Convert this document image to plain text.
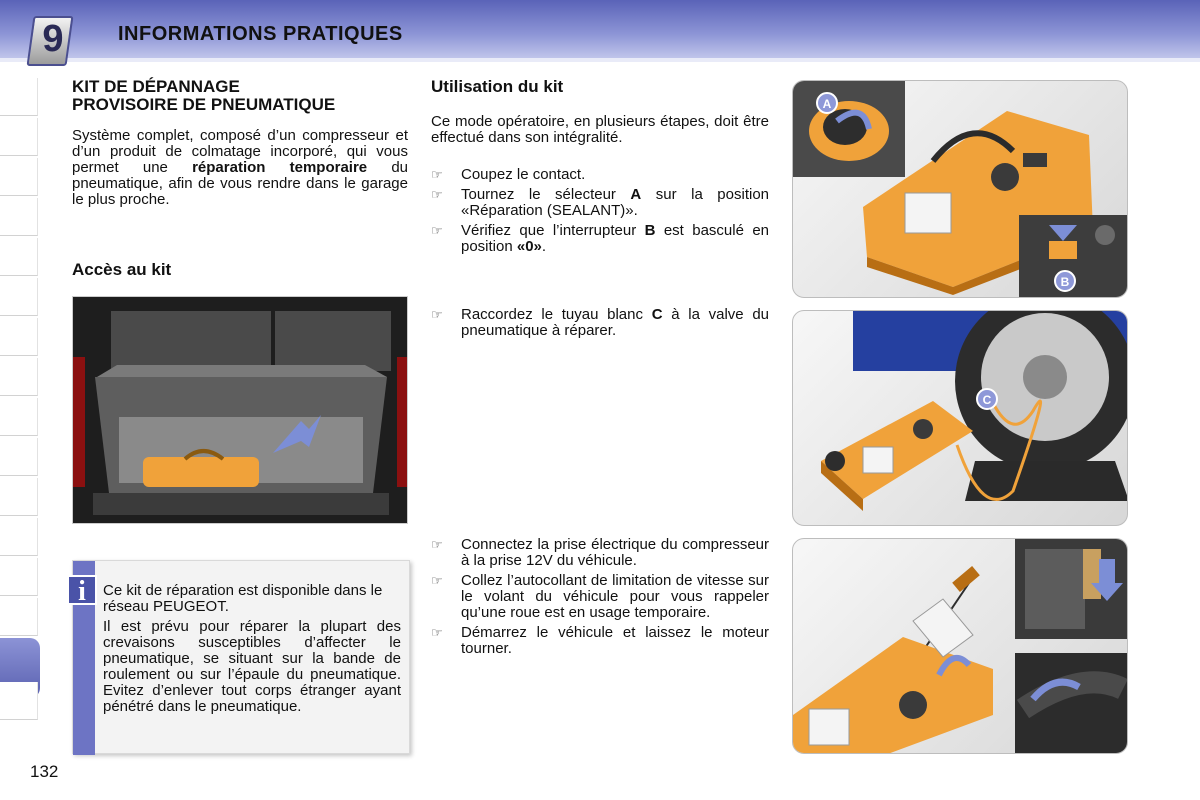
9	INFORMATIONS PRATIQUES
KIT DE DÉPANNAGE
PROVISOIRE DE PNEUMATIQUE
Système complet, composé d’un compresseur et d’un produit de colmatage incorporé, qui vous permet une réparation temporaire du pneumatique, afin de vous rendre dans le garage le plus proche.
Accès au kit
i	Ce kit de réparation est disponible dans le réseau PEUGEOT.
Il est prévu pour réparer la plupart des crevaisons susceptibles d’affecter le pneumatique, se situant sur la bande de roulement ou sur l’épaule du pneumatique. Evitez d’enlever tout corps étranger ayant pénétré dans le pneumatique.
Utilisation du kit
Ce mode opératoire, en plusieurs étapes, doit être effectué dans son intégralité.
☞ Coupez le contact.
☞ Tournez le sélecteur A sur la position «Réparation (SEALANT)».
☞ Vérifiez que l’interrupteur B est basculé en position «0».
☞ Raccordez le tuyau blanc C à la valve du pneumatique à réparer.
☞ Connectez la prise électrique du compresseur à la prise 12V du véhicule.
☞ Collez l’autocollant de limitation de vitesse sur le volant du véhicule pour vous rappeler qu’une roue est en usage temporaire.
☞ Démarrez le véhicule et laissez le moteur tourner.
A
B
C
132
